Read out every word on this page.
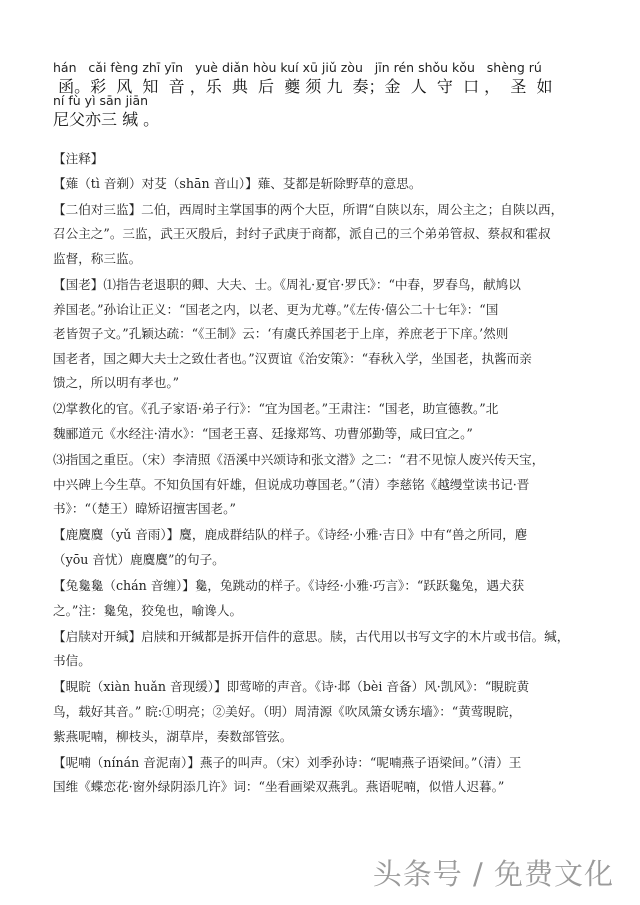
hán   cǎi fèng zhī yīn   yuè diǎn hòu kuí xū jiǔ zòu   jīn rén shǒu kǒu   shèng rú
函。彩  风  知  音 ，乐  典  后  夔 须 九  奏；金  人  守  口 ，  圣  如
ní fù yì sān jiān
尼父亦三 缄 。
【注释】
【薙（tì 音剃）对芟（shān 音山）】薙、芟都是斩除野草的意思。
【二伯对三监】二伯，西周时主掌国事的两个大臣，所谓“自陕以东，周公主之；自陕以西，
召公主之”。三监，武王灭殷后，封纣子武庚于商都，派自己的三个弟弟管叔、蔡叔和霍叔
监督，称三监。
【国老】⑴指告老退职的卿、大夫、士。《周礼·夏官·罗氏》：“中春，罗春鸟，献鸠以
养国老。”孙诒让正义：“国老之内，以老、更为尤尊。”《左传·僖公二十七年》：“国
老皆贺子文。”孔颖达疏：“《王制》云：‘有虞氏养国老于上庠，养庶老于下庠。’然则
国老者，国之卿大夫士之致仕者也。”汉贾谊《治安策》：“春秋入学，坐国老，执酱而亲
馈之，所以明有孝也。”
⑵掌教化的官。《孔子家语·弟子行》：“宜为国老。”王肃注：“国老，助宣德教。”北
魏郦道元《水经注·清水》：“国老王喜、廷掾郑笃、功曹邠勤等，咸曰宜之。”
⑶指国之重臣。（宋）李清照《浯溪中兴颂诗和张文潜》之二：“君不见惊人废兴传天宝，
中兴碑上今生草。不知负国有奸雄，但说成功尊国老。”（清）李慈铭《越缦堂读书记·晋
书》：“（楚王）暐矫诏擅害国老。”
【鹿麌麌（yǔ 音雨）】麌，鹿成群结队的样子。《诗经·小雅·吉日》中有“兽之所同，麀
（yōu 音忧）鹿麌麌”的句子。
【兔毚毚（chán 音缠）】毚，兔跳动的样子。《诗经·小雅·巧言》：“跃跃毚兔，遇犬获
之。”注：毚兔，狡兔也，喻谗人。
【启牍对开缄】启牍和开缄都是拆开信件的意思。牍，古代用以书写文字的木片或书信。缄，
书信。
【睍睆（xiàn huǎn 音现缓）】即莺啼的声音。《诗·邶（bèi 音备）风·凯风》：“睍睆黄
鸟，载好其音。” 睆:①明亮；②美好。（明）周清源《吹凤箫女诱东墙》：“黄莺睍睆，
紫燕呢喃，柳枝头，湖草岸，奏数部管弦。
【呢喃（nínán 音泥南）】燕子的叫声。（宋）刘季孙诗：“呢喃燕子语梁间。”（清）王
国维《蝶恋花·窗外绿阴添几许》词：“坐看画梁双燕乳。燕语呢喃，似惜人迟暮。”
头条号 / 免费文化
